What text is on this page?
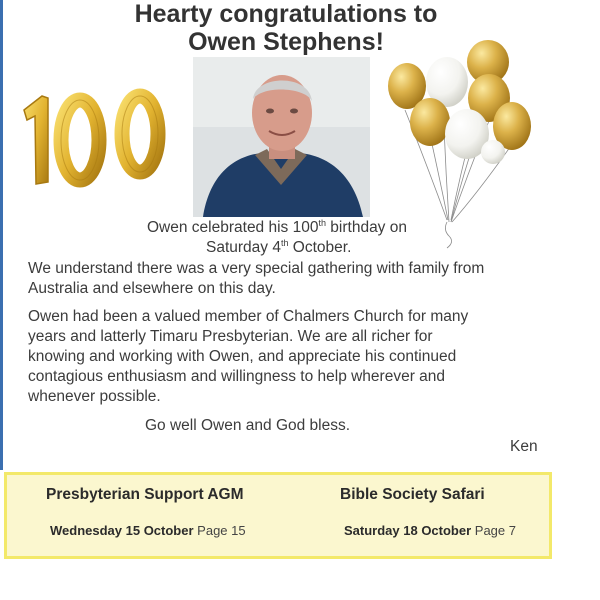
Hearty congratulations to
Owen Stephens!
Owen celebrated his 100th birthday on
Saturday 4th October.
We understand there was a very special gathering with family from
Australia and elsewhere on this day.
Owen had been a valued member of Chalmers Church for many
years and latterly Timaru Presbyterian. We are all richer for
knowing and working with Owen, and appreciate his continued
contagious enthusiasm and willingness to help wherever and
whenever possible.
Go well Owen and God bless.
Ken
Presbyterian Support AGM
Wednesday 15 October Page 15
Bible Society Safari
Saturday 18 October Page 7
